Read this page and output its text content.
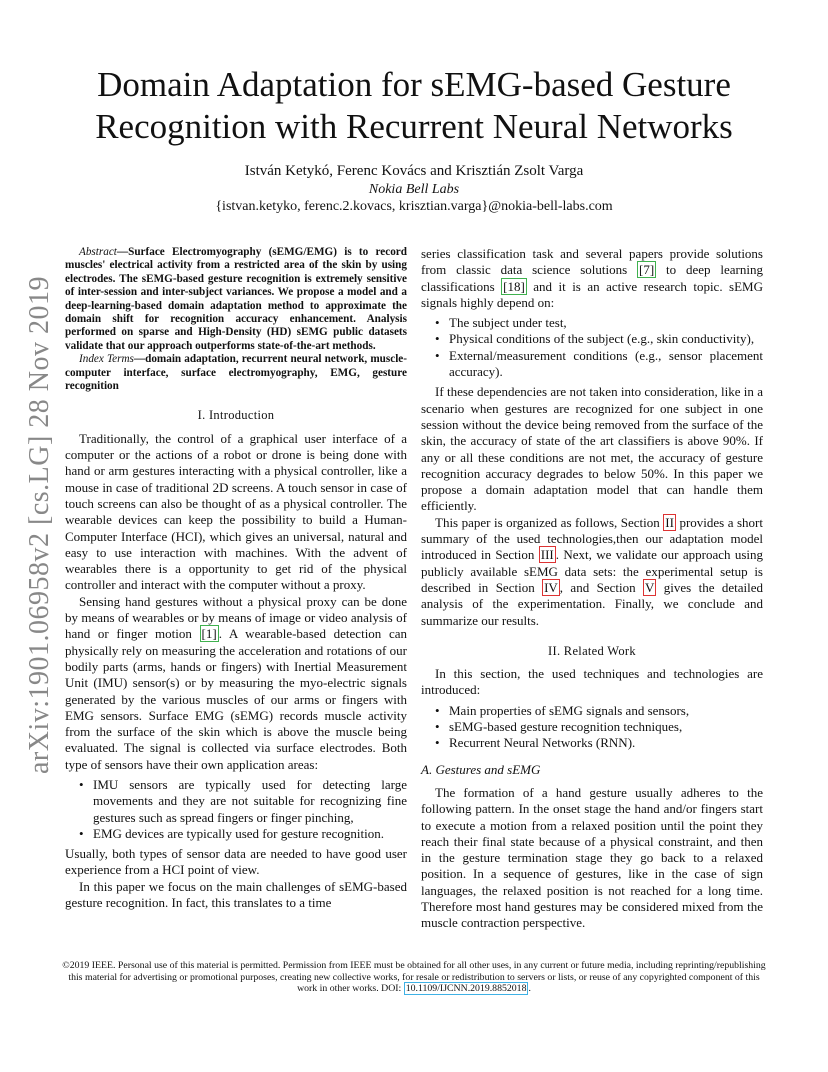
Domain Adaptation for sEMG-based Gesture
Recognition with Recurrent Neural Networks
István Ketykó, Ferenc Kovács and Krisztián Zsolt Varga
Nokia Bell Labs
{istvan.ketyko, ferenc.2.kovacs, krisztian.varga}@nokia-bell-labs.com
arXiv:1901.06958v2 [cs.LG] 28 Nov 2019

Abstract—Surface Electromyography (sEMG/EMG) is to record muscles' electrical activity from a restricted area of the skin by using electrodes. The sEMG-based gesture recognition is extremely sensitive of inter-session and inter-subject variances. We propose a model and a deep-learning-based domain adaptation method to approximate the domain shift for recognition accuracy enhancement. Analysis performed on sparse and High-Density (HD) sEMG public datasets validate that our approach outperforms state-of-the-art methods.

Index Terms—domain adaptation, recurrent neural network, muscle-computer interface, surface electromyography, EMG, gesture recognition

I. Introduction

Traditionally, the control of a graphical user interface of a computer or the actions of a robot or drone is being done with hand or arm gestures interacting with a physical controller, like a mouse in case of traditional 2D screens. A touch sensor in case of touch screens can also be thought of as a physical controller. The wearable devices can keep the possibility to build a Human-Computer Interface (HCI), which gives an universal, natural and easy to use interaction with machines. With the advent of wearables there is a opportunity to get rid of the physical controller and interact with the computer without a proxy.

Sensing hand gestures without a physical proxy can be done by means of wearables or by means of image or video analysis of hand or finger motion [1] . A wearable-based detection can physically rely on measuring the acceleration and rotations of our bodily parts (arms, hands or fingers) with Inertial Measurement Unit (IMU) sensor(s) or by measuring the myo-electric signals generated by the various muscles of our arms or fingers with EMG sensors. Surface EMG (sEMG) records muscle activity from the surface of the skin which is above the muscle being evaluated. The signal is collected via surface electrodes. Both type of sensors have their own application areas:

• IMU sensors are typically used for detecting large movements and they are not suitable for recognizing fine gestures such as spread fingers or finger pinching,
• EMG devices are typically used for gesture recognition.

Usually, both types of sensor data are needed to have good user experience from a HCI point of view.

In this paper we focus on the main challenges of sEMG-based gesture recognition. In fact, this translates to a time

series classification task and several papers provide solutions from classic data science solutions [7] to deep learning classifications [18] and it is an active research topic. sEMG signals highly depend on:

• The subject under test,
• Physical conditions of the subject (e.g., skin conductivity),
• External/measurement conditions (e.g., sensor placement accuracy).

If these dependencies are not taken into consideration, like in a scenario when gestures are recognized for one subject in one session without the device being removed from the surface of the skin, the accuracy of state of the art classifiers is above 90%. If any or all these conditions are not met, the accuracy of gesture recognition accuracy degrades to below 50%. In this paper we propose a domain adaptation model that can handle them efficiently.

This paper is organized as follows, Section II provides a short summary of the used technologies,then our adaptation model introduced in Section III . Next, we validate our approach using publicly available sEMG data sets: the experimental setup is described in Section IV , and Section V gives the detailed analysis of the experimentation. Finally, we conclude and summarize our results.

II. Related Work

In this section, the used techniques and technologies are introduced:

• Main properties of sEMG signals and sensors,
• sEMG-based gesture recognition techniques,
• Recurrent Neural Networks (RNN).
A. Gestures and sEMG

The formation of a hand gesture usually adheres to the following pattern. In the onset stage the hand and/or fingers start to execute a motion from a relaxed position until the point they reach their final state because of a physical constraint, and then in the gesture termination stage they go back to a relaxed position. In a sequence of gestures, like in the case of sign languages, the relaxed position is not reached for a long time. Therefore most hand gestures may be considered mixed from the muscle contraction perspective.

©2019 IEEE. Personal use of this material is permitted. Permission from IEEE must be obtained for all other uses, in any current or future media, including reprinting/republishing this material for advertising or promotional purposes, creating new collective works, for resale or redistribution to servers or lists, or reuse of any copyrighted component of this work in other works. DOI: 10.1109/IJCNN.2019.8852018 .
